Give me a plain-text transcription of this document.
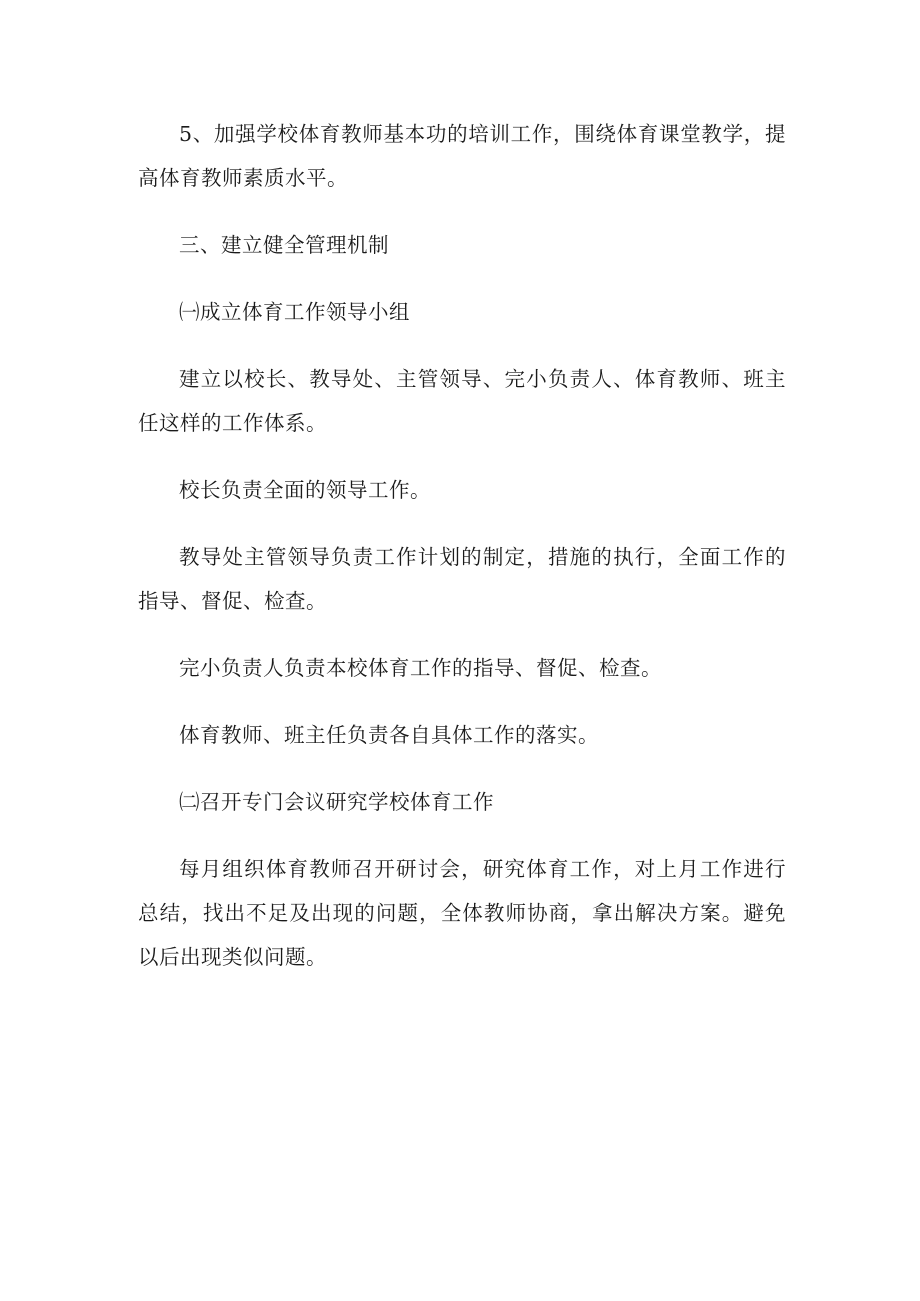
5、加强学校体育教师基本功的培训工作，围绕体育课堂教学，提高体育教师素质水平。

三、建立健全管理机制

㈠成立体育工作领导小组

建立以校长、教导处、主管领导、完小负责人、体育教师、班主任这样的工作体系。

校长负责全面的领导工作。

教导处主管领导负责工作计划的制定，措施的执行，全面工作的指导、督促、检查。

完小负责人负责本校体育工作的指导、督促、检查。

体育教师、班主任负责各自具体工作的落实。

㈡召开专门会议研究学校体育工作

每月组织体育教师召开研讨会，研究体育工作，对上月工作进行总结，找出不足及出现的问题，全体教师协商，拿出解决方案。避免以后出现类似问题。
